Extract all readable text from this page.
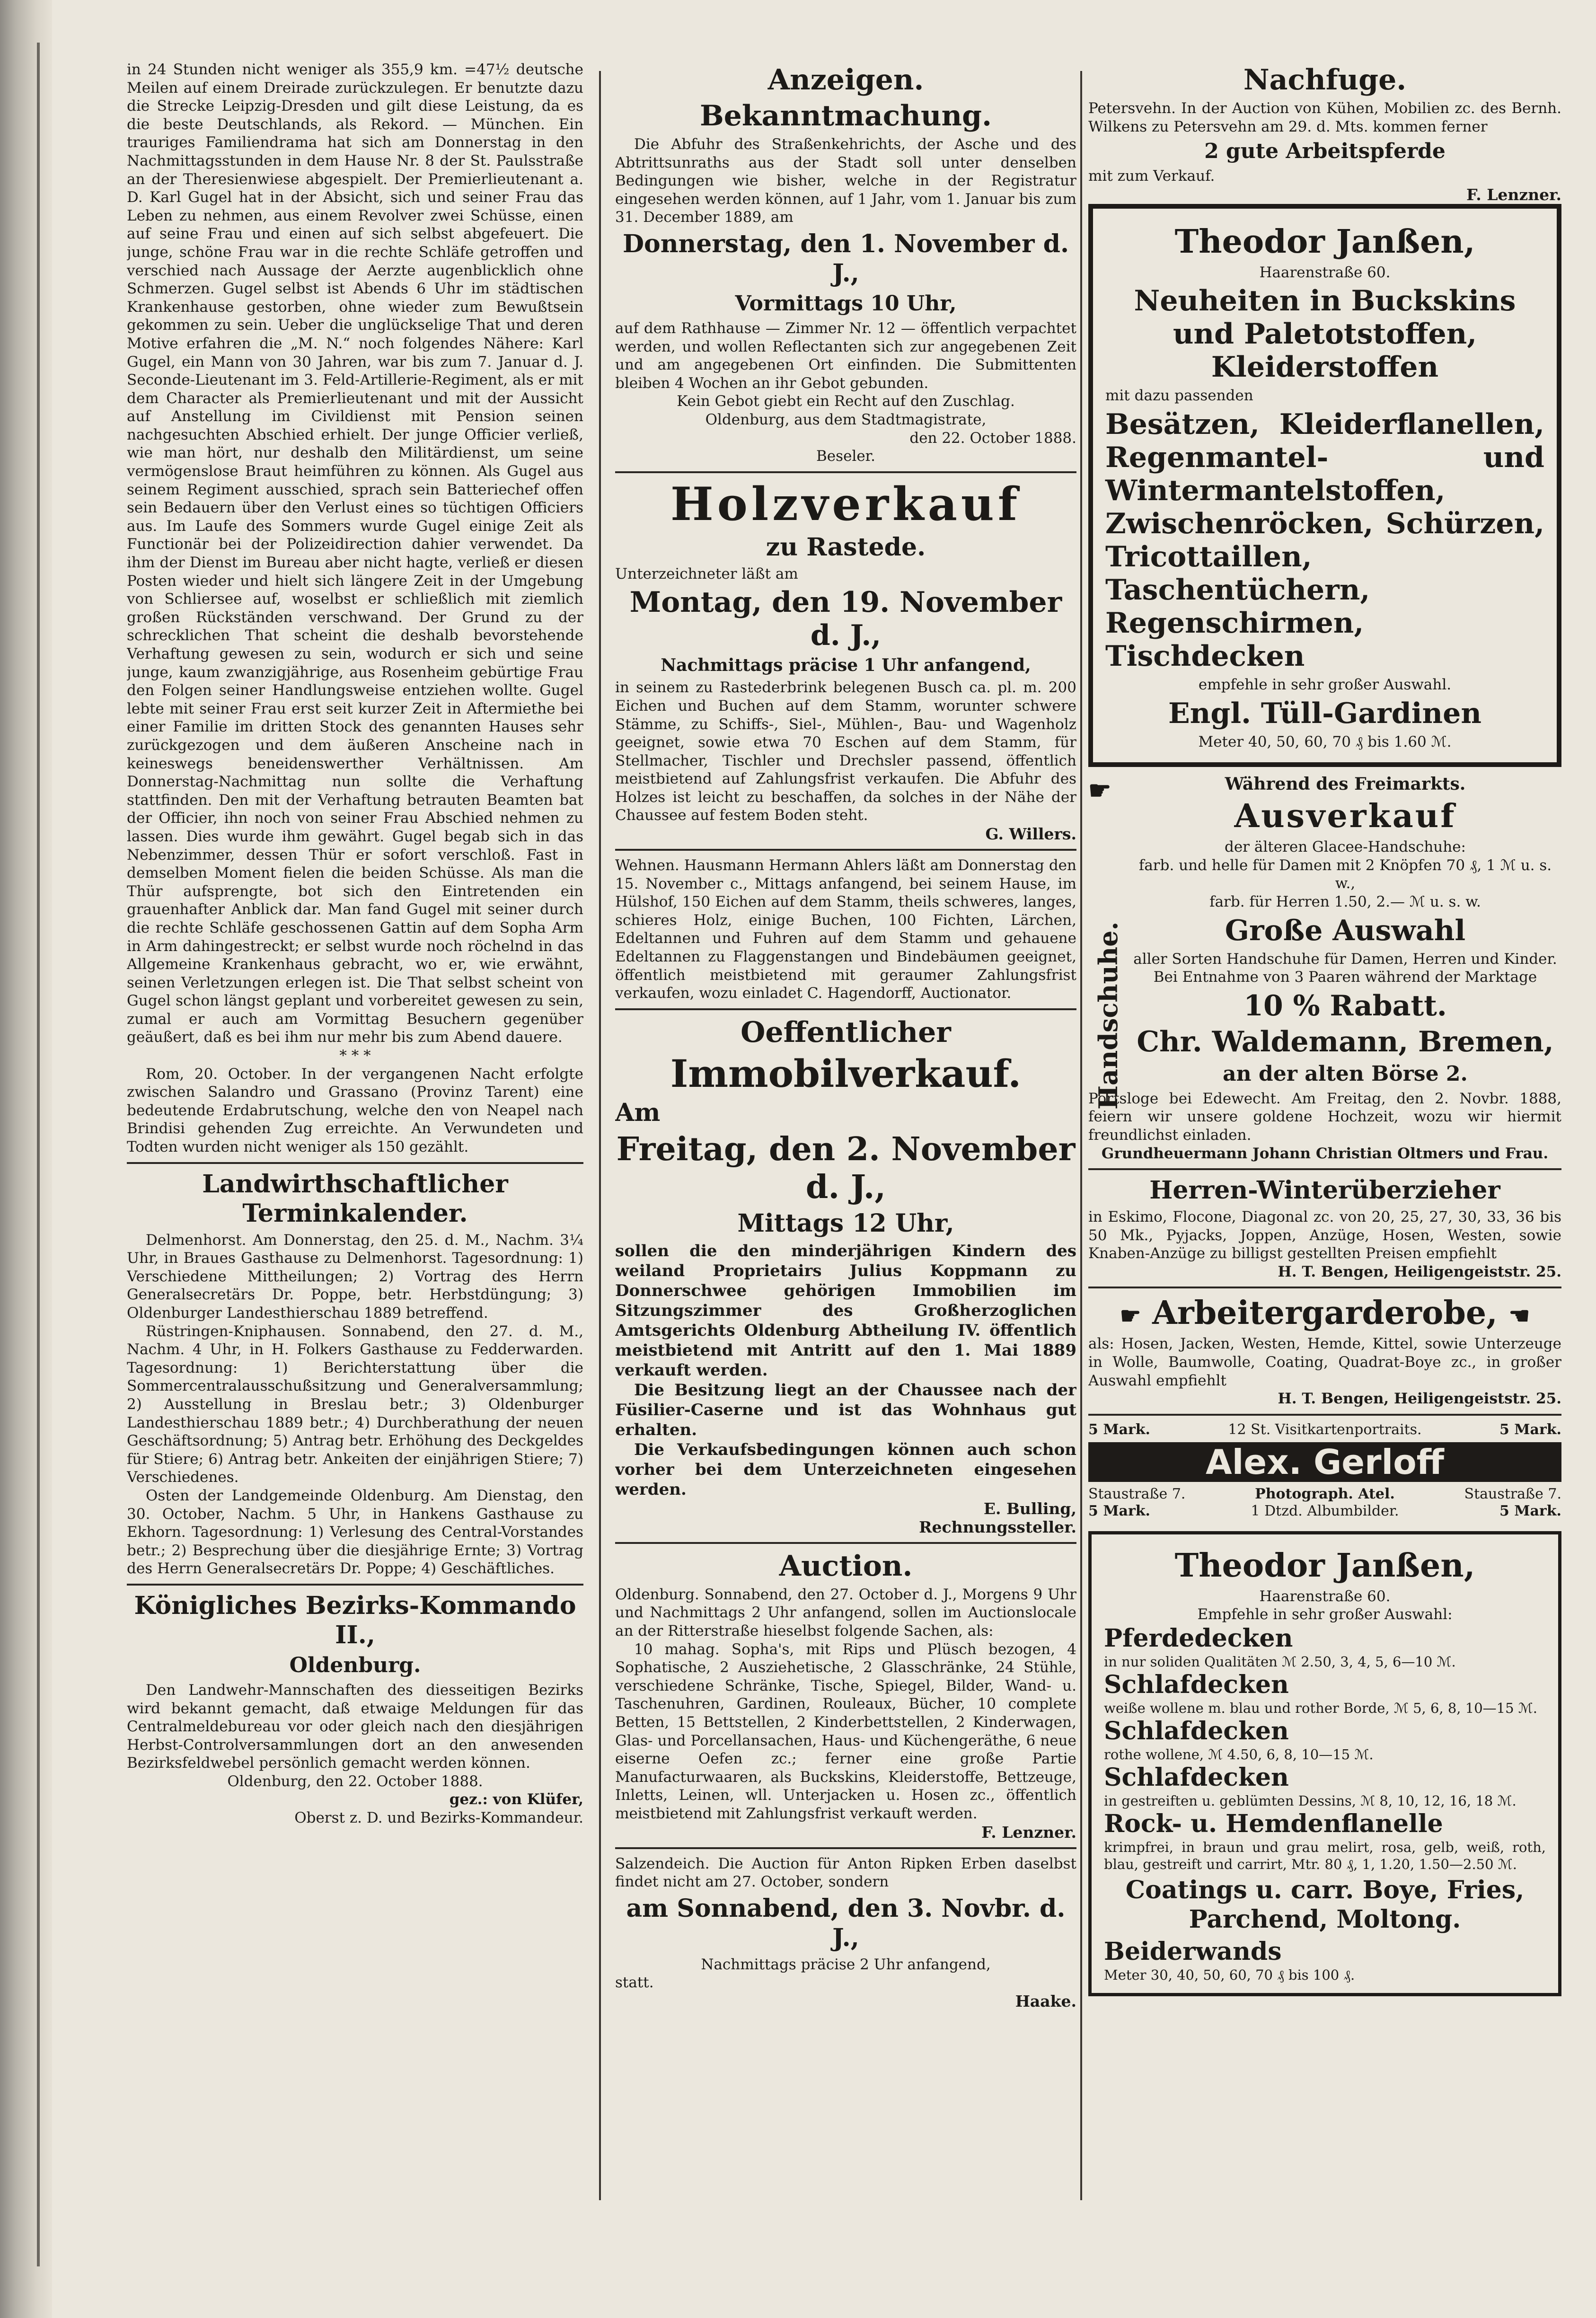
in 24 Stunden nicht weniger als 355,9 km. =47½ deutsche Meilen auf einem Dreirade zurückzulegen. Er benutzte dazu die Strecke Leipzig-Dresden und gilt diese Leistung, da es die beste Deutschlands, als Rekord. — München. Ein trauriges Familiendrama hat sich am Donnerstag in den Nachmittagsstunden in dem Hause Nr. 8 der St. Paulsstraße an der Theresienwiese abgespielt. Der Premierlieutenant a. D. Karl Gugel hat in der Absicht, sich und seiner Frau das Leben zu nehmen, aus einem Revolver zwei Schüsse, einen auf seine Frau und einen auf sich selbst abgefeuert. Die junge, schöne Frau war in die rechte Schläfe getroffen und verschied nach Aussage der Aerzte augenblicklich ohne Schmerzen. Gugel selbst ist Abends 6 Uhr im städtischen Krankenhause gestorben, ohne wieder zum Bewußtsein gekommen zu sein. Ueber die unglückselige That und deren Motive erfahren die „M. N.“ noch folgendes Nähere: Karl Gugel, ein Mann von 30 Jahren, war bis zum 7. Januar d. J. Seconde-Lieutenant im 3. Feld-Artillerie-Regiment, als er mit dem Character als Premierlieutenant und mit der Aussicht auf Anstellung im Civildienst mit Pension seinen nachgesuchten Abschied erhielt. Der junge Officier verließ, wie man hört, nur deshalb den Militärdienst, um seine vermögenslose Braut heimführen zu können. Als Gugel aus seinem Regiment ausschied, sprach sein Batteriechef offen sein Bedauern über den Verlust eines so tüchtigen Officiers aus. Im Laufe des Sommers wurde Gugel einige Zeit als Functionär bei der Polizeidirection dahier verwendet. Da ihm der Dienst im Bureau aber nicht hagte, verließ er diesen Posten wieder und hielt sich längere Zeit in der Umgebung von Schliersee auf, woselbst er schließlich mit ziemlich großen Rückständen verschwand. Der Grund zu der schrecklichen That scheint die deshalb bevorstehende Verhaftung gewesen zu sein, wodurch er sich und seine junge, kaum zwanzigjährige, aus Rosenheim gebürtige Frau den Folgen seiner Handlungsweise entziehen wollte. Gugel lebte mit seiner Frau erst seit kurzer Zeit in Aftermiethe bei einer Familie im dritten Stock des genannten Hauses sehr zurückgezogen und dem äußeren Anscheine nach in keineswegs beneidenswerther Verhältnissen. Am Donnerstag-Nachmittag nun sollte die Verhaftung stattfinden. Den mit der Verhaftung betrauten Beamten bat der Officier, ihn noch von seiner Frau Abschied nehmen zu lassen. Dies wurde ihm gewährt. Gugel begab sich in das Nebenzimmer, dessen Thür er sofort verschloß. Fast in demselben Moment fielen die beiden Schüsse. Als man die Thür aufsprengte, bot sich den Eintretenden ein grauenhafter Anblick dar. Man fand Gugel mit seiner durch die rechte Schläfe geschossenen Gattin auf dem Sopha Arm in Arm dahingestreckt; er selbst wurde noch röchelnd in das Allgemeine Krankenhaus gebracht, wo er, wie erwähnt, seinen Verletzungen erlegen ist. Die That selbst scheint von Gugel schon längst geplant und vorbereitet gewesen zu sein, zumal er auch am Vormittag Besuchern gegenüber geäußert, daß es bei ihm nur mehr bis zum Abend dauere.

* * *

Rom, 20. October. In der vergangenen Nacht erfolgte zwischen Salandro und Grassano (Provinz Tarent) eine bedeutende Erdabrutschung, welche den von Neapel nach Brindisi gehenden Zug erreichte. An Verwundeten und Todten wurden nicht weniger als 150 gezählt.

Landwirthschaftlicher Terminkalender.

Delmenhorst. Am Donnerstag, den 25. d. M., Nachm. 3¼ Uhr, in Braues Gasthause zu Delmenhorst. Tagesordnung: 1) Verschiedene Mittheilungen; 2) Vortrag des Herrn Generalsecretärs Dr. Poppe, betr. Herbstdüngung; 3) Oldenburger Landesthierschau 1889 betreffend.

Rüstringen-Kniphausen. Sonnabend, den 27. d. M., Nachm. 4 Uhr, in H. Folkers Gasthause zu Fedderwarden. Tagesordnung: 1) Berichterstattung über die Sommercentralausschußsitzung und Generalversammlung; 2) Ausstellung in Breslau betr.; 3) Oldenburger Landesthierschau 1889 betr.; 4) Durchberathung der neuen Geschäftsordnung; 5) Antrag betr. Erhöhung des Deckgeldes für Stiere; 6) Antrag betr. Ankeiten der einjährigen Stiere; 7) Verschiedenes.

Osten der Landgemeinde Oldenburg. Am Dienstag, den 30. October, Nachm. 5 Uhr, in Hankens Gasthause zu Ekhorn. Tagesordnung: 1) Verlesung des Central-Vorstandes betr.; 2) Besprechung über die diesjährige Ernte; 3) Vortrag des Herrn Generalsecretärs Dr. Poppe; 4) Geschäftliches.

Königliches Bezirks-Kommando II.,
Oldenburg.

Den Landwehr-Mannschaften des diesseitigen Bezirks wird bekannt gemacht, daß etwaige Meldungen für das Centralmeldebureau vor oder gleich nach den diesjährigen Herbst-Controlversammlungen dort an den anwesenden Bezirksfeldwebel persönlich gemacht werden können.

Oldenburg, den 22. October 1888.

gez.: von Klüfer,

Oberst z. D. und Bezirks-Kommandeur.

Anzeigen.
Bekanntmachung.

Die Abfuhr des Straßenkehrichts, der Asche und des Abtrittsunraths aus der Stadt soll unter denselben Bedingungen wie bisher, welche in der Registratur eingesehen werden können, auf 1 Jahr, vom 1. Januar bis zum 31. December 1889, am

Donnerstag, den 1. November d. J.,
Vormittags 10 Uhr,

auf dem Rathhause — Zimmer Nr. 12 — öffentlich verpachtet werden, und wollen Reflectanten sich zur angegebenen Zeit und am angegebenen Ort einfinden. Die Submittenten bleiben 4 Wochen an ihr Gebot gebunden.

Kein Gebot giebt ein Recht auf den Zuschlag.

Oldenburg, aus dem Stadtmagistrate,

den 22. October 1888.

Beseler.

Holzverkauf
zu Rastede.

Unterzeichneter läßt am

Montag, den 19. November d. J.,
Nachmittags präcise 1 Uhr anfangend,

in seinem zu Rastederbrink belegenen Busch ca. pl. m. 200 Eichen und Buchen auf dem Stamm, worunter schwere Stämme, zu Schiffs-, Siel-, Mühlen-, Bau- und Wagenholz geeignet, sowie etwa 70 Eschen auf dem Stamm, für Stellmacher, Tischler und Drechsler passend, öffentlich meistbietend auf Zahlungsfrist verkaufen. Die Abfuhr des Holzes ist leicht zu beschaffen, da solches in der Nähe der Chaussee auf festem Boden steht.

G. Willers.

Wehnen. Hausmann Hermann Ahlers läßt am Donnerstag den 15. November c., Mittags anfangend, bei seinem Hause, im Hülshof, 150 Eichen auf dem Stamm, theils schweres, langes, schieres Holz, einige Buchen, 100 Fichten, Lärchen, Edeltannen und Fuhren auf dem Stamm und gehauene Edeltannen zu Flaggenstangen und Bindebäumen geeignet, öffentlich meistbietend mit geraumer Zahlungsfrist verkaufen, wozu einladet C. Hagendorff, Auctionator.

Oeffentlicher
Immobilverkauf.

Am

Freitag, den 2. November d. J.,
Mittags 12 Uhr,

sollen die den minderjährigen Kindern des weiland Proprietairs Julius Koppmann zu Donnerschwee gehörigen Immobilien im Sitzungszimmer des Großherzoglichen Amtsgerichts Oldenburg Abtheilung IV. öffentlich meistbietend mit Antritt auf den 1. Mai 1889 verkauft werden.

Die Besitzung liegt an der Chaussee nach der Füsilier-Caserne und ist das Wohnhaus gut erhalten.

Die Verkaufsbedingungen können auch schon vorher bei dem Unterzeichneten eingesehen werden.

E. Bulling,

Rechnungssteller.

Auction.

Oldenburg. Sonnabend, den 27. October d. J., Morgens 9 Uhr und Nachmittags 2 Uhr anfangend, sollen im Auctionslocale an der Ritterstraße hieselbst folgende Sachen, als:

10 mahag. Sopha's, mit Rips und Plüsch bezogen, 4 Sophatische, 2 Ausziehetische, 2 Glasschränke, 24 Stühle, verschiedene Schränke, Tische, Spiegel, Bilder, Wand- u. Taschenuhren, Gardinen, Rouleaux, Bücher, 10 complete Betten, 15 Bettstellen, 2 Kinderbettstellen, 2 Kinderwagen, Glas- und Porcellansachen, Haus- und Küchengeräthe, 6 neue eiserne Oefen zc.; ferner eine große Partie Manufacturwaaren, als Buckskins, Kleiderstoffe, Bettzeuge, Inletts, Leinen, wll. Unterjacken u. Hosen zc., öffentlich meistbietend mit Zahlungsfrist verkauft werden.

F. Lenzner.

Salzendeich. Die Auction für Anton Ripken Erben daselbst findet nicht am 27. October, sondern

am Sonnabend, den 3. Novbr. d. J.,

Nachmittags präcise 2 Uhr anfangend,

statt.

Haake.

Nachfuge.

Petersvehn. In der Auction von Kühen, Mobilien zc. des Bernh. Wilkens zu Petersvehn am 29. d. Mts. kommen ferner

2 gute Arbeitspferde

mit zum Verkauf.

F. Lenzner.

Theodor Janßen,

Haarenstraße 60.

Neuheiten in Buckskins und Paletotstoffen, Kleiderstoffen

mit dazu passenden

Besätzen, Kleiderflanellen, Regenmantel- und Wintermantelstoffen, Zwischenröcken, Schürzen, Tricottaillen, Taschentüchern, Regenschirmen, Tischdecken

empfehle in sehr großer Auswahl.

Engl. Tüll-Gardinen

Meter 40, 50, 60, 70 ₰ bis 1.60 ℳ.

☛
Handschuhe.
Während des Freimarkts.
Ausverkauf

der älteren Glacee-Handschuhe:

farb. und helle für Damen mit 2 Knöpfen 70 ₰, 1 ℳ u. s. w.,

farb. für Herren 1.50, 2.— ℳ u. s. w.

Große Auswahl

aller Sorten Handschuhe für Damen, Herren und Kinder.

Bei Entnahme von 3 Paaren während der Marktage

10 % Rabatt.
Chr. Waldemann, Bremen,
an der alten Börse 2.

Portsloge bei Edewecht. Am Freitag, den 2. Novbr. 1888, feiern wir unsere goldene Hochzeit, wozu wir hiermit freundlichst einladen.

Grundheuermann Johann Christian Oltmers und Frau.

Herren-Winterüberzieher

in Eskimo, Flocone, Diagonal zc. von 20, 25, 27, 30, 33, 36 bis 50 Mk., Pyjacks, Joppen, Anzüge, Hosen, Westen, sowie Knaben-Anzüge zu billigst gestellten Preisen empfiehlt

H. T. Bengen, Heiligengeiststr. 25.

☛ Arbeitergarderobe, ☚

als: Hosen, Jacken, Westen, Hemde, Kittel, sowie Unterzeuge in Wolle, Baumwolle, Coating, Quadrat-Boye zc., in großer Auswahl empfiehlt

H. T. Bengen, Heiligengeiststr. 25.

5 Mark.	12 St. Visitkartenportraits.	5 Mark.
Alex. Gerloff
Staustraße 7.	Photograph. Atel.	Staustraße 7.
5 Mark.	1 Dtzd. Albumbilder.	5 Mark.
Theodor Janßen,

Haarenstraße 60.

Empfehle in sehr großer Auswahl:

Pferdedecken

in nur soliden Qualitäten ℳ 2.50, 3, 4, 5, 6—10 ℳ.

Schlafdecken

weiße wollene m. blau und rother Borde, ℳ 5, 6, 8, 10—15 ℳ.

Schlafdecken

rothe wollene, ℳ 4.50, 6, 8, 10—15 ℳ.

Schlafdecken

in gestreiften u. geblümten Dessins, ℳ 8, 10, 12, 16, 18 ℳ.

Rock- u. Hemdenflanelle

krimpfrei, in braun und grau melirt, rosa, gelb, weiß, roth, blau, gestreift und carrirt, Mtr. 80 ₰, 1, 1.20, 1.50—2.50 ℳ.

Coatings u. carr. Boye, Fries, Parchend, Moltong.
Beiderwands

Meter 30, 40, 50, 60, 70 ₰ bis 100 ₰.
